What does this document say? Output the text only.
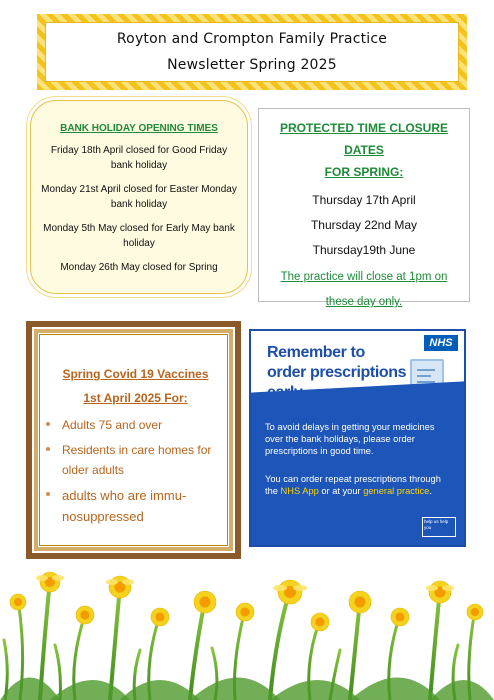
Royton and Crompton Family Practice
Newsletter Spring 2025
BANK HOLIDAY OPENING TIMES
Friday 18th April closed for Good Friday bank holiday
Monday 21st April closed for Easter Monday bank holiday
Monday 5th May closed for Early May bank holiday
Monday 26th May closed for Spring
PROTECTED TIME CLOSURE DATES
FOR SPRING:
Thursday 17th April
Thursday 22nd May
Thursday19th June
The practice will close at 1pm on
these day only.
Spring Covid 19 Vaccines
1st April 2025 For:
Adults 75 and over
Residents in care homes for older adults
adults who are immu-nosuppressed
NHS
Remember to order prescriptions
To avoid delays in getting your medicines over the bank holidays, please order prescriptions in good time.
You can order repeat prescriptions through the NHS App or at your general practice.
help us help you
